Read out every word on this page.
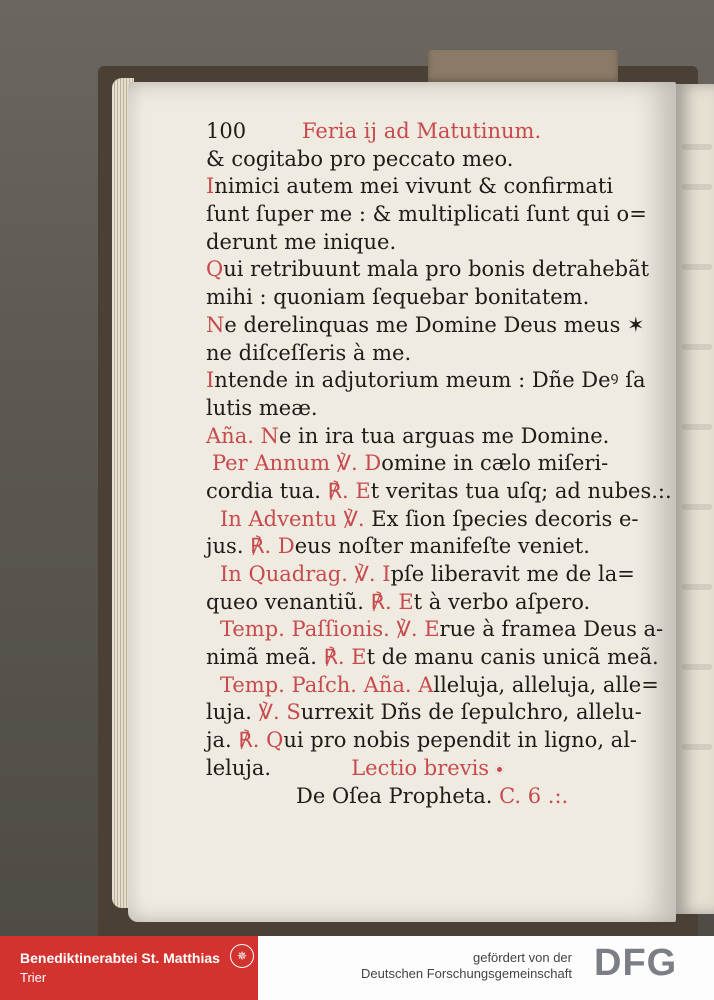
100	Feria ij ad Matutinum.
& cogitabo pro peccato meo.
Inimici autem mei vivunt & confirmati
ſunt ſuper me : & multiplicati ſunt qui o=
derunt me inique.
Qui retribuunt mala pro bonis detrahebãt
mihi : quoniam ſequebar bonitatem.
Ne derelinquas me Domine Deus meus ✶
ne diſceſſeris à me.
Intende in adjutorium meum : Dñe Deꝰ ſa
lutis meæ.
Aña. Ne in ira tua arguas me Domine.
Per Annum ℣. Domine in cælo miſeri-
cordia tua. ℟. Et veritas tua uſq; ad nubes.:.
In Adventu ℣. Ex ſion ſpecies decoris e-
jus. ℟. Deus noſter manifeſte veniet.
In Quadrag. ℣. Ipſe liberavit me de la=
queo venantiũ. ℟. Et à verbo aſpero.
Temp. Paſſionis. ℣. Erue à framea Deus a-
nimã meã. ℟. Et de manu canis unicã meã.
Temp. Paſch. Aña. Alleluja, alleluja, alle=
luja. ℣. Surrexit Dñs de ſepulchro, allelu-
ja. ℟. Qui pro nobis pependit in ligno, al-
leluja.	Lectio brevis
De Oſea Propheta. C. 6 .:.
Benediktinerabtei St. Matthias
Trier
✵	gefördert von der
Deutschen Forschungsgemeinschaft DFG
